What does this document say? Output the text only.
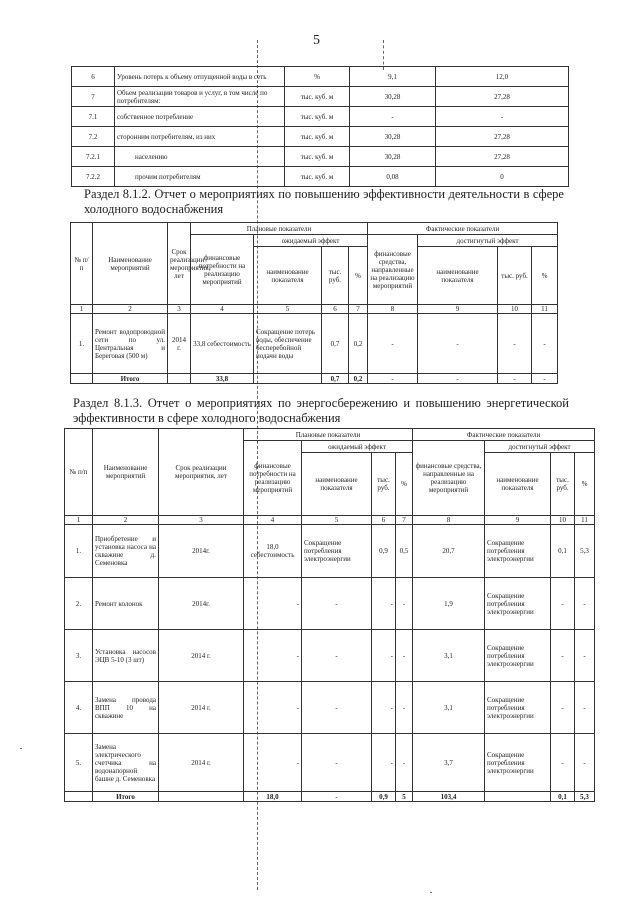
5
6	Уровень потерь к объему отпущенной воды в сеть	%	9,1	12,0
7	Объем реализации товаров и услуг, в том числе по потребителям:	тыс. куб. м	30,28	27,28
7.1	собственное потребление	тыс. куб. м	-	-
7.2	сторонним потребителям, из них	тыс. куб. м	30,28	27,28
7.2.1	населению	тыс. куб. м	30,28	27,28
7.2.2	прочим потребителям	тыс. куб. м	0,08	0
Раздел 8.1.2. Отчет о мероприятиях по повышению эффективности деятельности в сфере холодного водоснабжения
№ п/п	Наименование мероприятий	Срок реализации мероприятия, лет	Плановые показатели				Фактические показатели			
			финансовые потребности на реализацию мероприятий	ожидаемый эффект			финансовые средства, направленные на реализацию мероприятий	достигнутый эффект		
				наименование показателя	тыс. руб.	%		наименование показателя	тыс. руб.	%
1	2	3	4	5	6	7	8	9	10	11
1.	Ремонт водопроводной сети по ул. Центральная и Береговая (500 м)	2014 г.	33,8 себестоимость	Сокращение потерь воды, обеспечение бесперебойной подачи воды	0,7	0,2	-	-	-	-
	Итого		33,8		0,7	0,2	-	-	-	-
Раздел 8.1.3. Отчет о мероприятиях по энергосбережению и повышению энергетической эффективности в сфере холодного водоснабжения
№ п/п	Наименование мероприятий	Срок реализации мероприятия, лет	Плановые показатели				Фактические показатели			
			финансовые потребности на реализацию мероприятий	ожидаемый эффект			финансовые средства, направленные на реализацию мероприятий	достигнутый эффект		
				наименование показателя	тыс. руб.	%		наименование показателя	тыс. руб.	%
1	2	3	4	5	6	7	8	9	10	11
1.	Приобретение и установка насоса на скважине д. Семеновка	2014г.	18,0 себестоимость	Сокращение потребления электроэнергии	0,9	0,5	20,7	Сокращение потребления электроэнергии	0,1	5,3
2.	Ремонт колонок	2014г.	-	-	-	-	1,9	Сокращение потребления электроэнергии	-	-
3.	Установка насосов ЭЦВ 5-10 (3 шт)	2014 г.	-	-	-	-	3,1	Сокращение потребления электроэнергии	-	-
4.	Замена провода ВПП 10 на скважине	2014 г.	-	-	-	-	3,1	Сокращение потребления электроэнергии	-	-
5.	Замена электрического счетчика на водонапорной башне д. Семеновка	2014 г.	-	-	-	-	3,7	Сокращение потребления электроэнергии	-	-
	Итого		18,0	-	0,9	5	103,4		0,1	5,3
